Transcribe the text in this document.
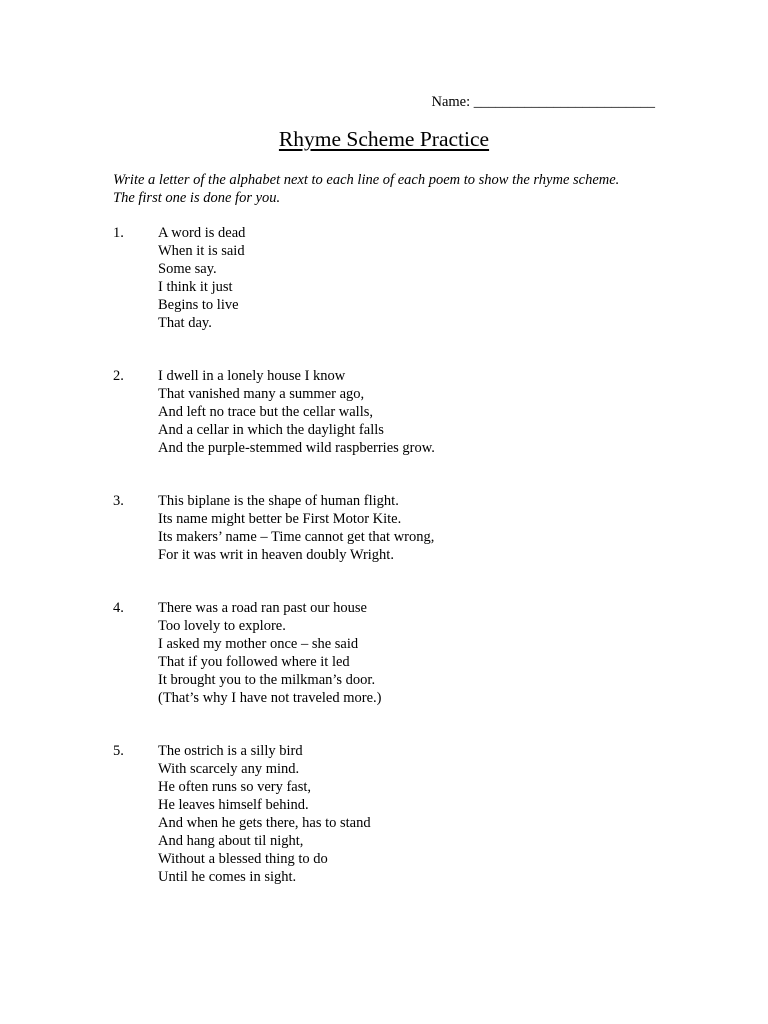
Name: _________________________
Rhyme Scheme Practice
Write a letter of the alphabet next to each line of each poem to show the rhyme scheme.
The first one is done for you.
1.	A word is dead
When it is said
Some say.
I think it just
Begins to live
That day.
2.	I dwell in a lonely house I know
That vanished many a summer ago,
And left no trace but the cellar walls,
And a cellar in which the daylight falls
And the purple-stemmed wild raspberries grow.
3.	This biplane is the shape of human flight.
Its name might better be First Motor Kite.
Its makers’ name – Time cannot get that wrong,
For it was writ in heaven doubly Wright.
4.	There was a road ran past our house
Too lovely to explore.
I asked my mother once – she said
That if you followed where it led
It brought you to the milkman’s door.
(That’s why I have not traveled more.)
5.	The ostrich is a silly bird
With scarcely any mind.
He often runs so very fast,
He leaves himself behind.
And when he gets there, has to stand
And hang about til night,
Without a blessed thing to do
Until he comes in sight.
